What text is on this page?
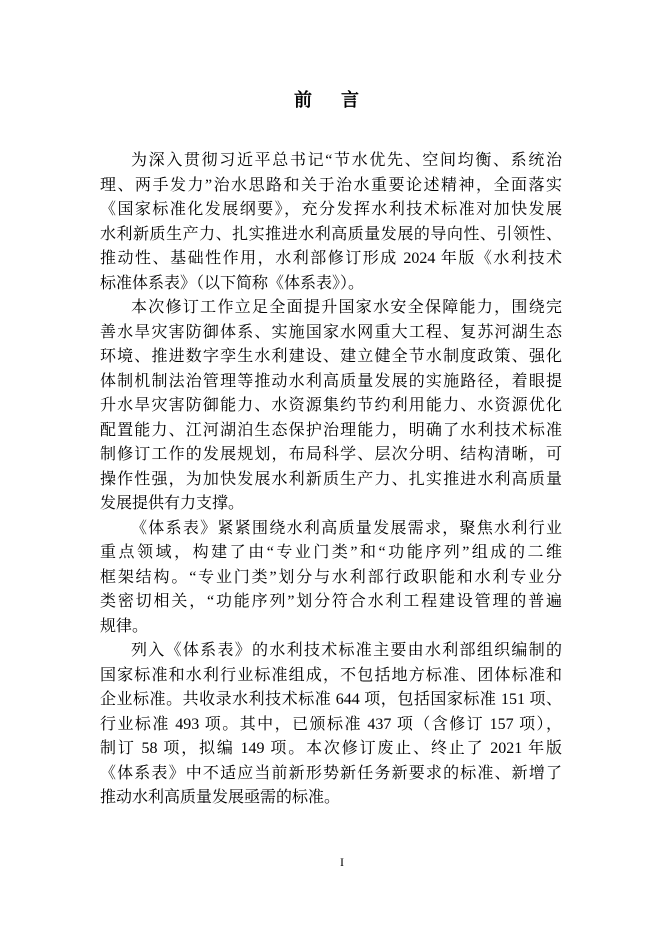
前言
为深入贯彻习近平总书记“节水优先、空间均衡、系统治
理、两手发力”治水思路和关于治水重要论述精神，全面落实
《国家标准化发展纲要》，充分发挥水利技术标准对加快发展
水利新质生产力、扎实推进水利高质量发展的导向性、引领性、
推动性、基础性作用，水利部修订形成 2024 年版《水利技术
标准体系表》（以下简称《体系表》）。
本次修订工作立足全面提升国家水安全保障能力，围绕完
善水旱灾害防御体系、实施国家水网重大工程、复苏河湖生态
环境、推进数字孪生水利建设、建立健全节水制度政策、强化
体制机制法治管理等推动水利高质量发展的实施路径，着眼提
升水旱灾害防御能力、水资源集约节约利用能力、水资源优化
配置能力、江河湖泊生态保护治理能力，明确了水利技术标准
制修订工作的发展规划，布局科学、层次分明、结构清晰，可
操作性强，为加快发展水利新质生产力、扎实推进水利高质量
发展提供有力支撑。
《体系表》紧紧围绕水利高质量发展需求，聚焦水利行业
重点领域，构建了由“专业门类”和“功能序列”组成的二维
框架结构。“专业门类”划分与水利部行政职能和水利专业分
类密切相关，“功能序列”划分符合水利工程建设管理的普遍
规律。
列入《体系表》的水利技术标准主要由水利部组织编制的
国家标准和水利行业标准组成，不包括地方标准、团体标准和
企业标准。共收录水利技术标准 644 项，包括国家标准 151 项、
行业标准 493 项。其中，已颁标准 437 项（含修订 157 项），
制订 58 项，拟编 149 项。本次修订废止、终止了 2021 年版
《体系表》中不适应当前新形势新任务新要求的标准、新增了
推动水利高质量发展亟需的标准。
I
